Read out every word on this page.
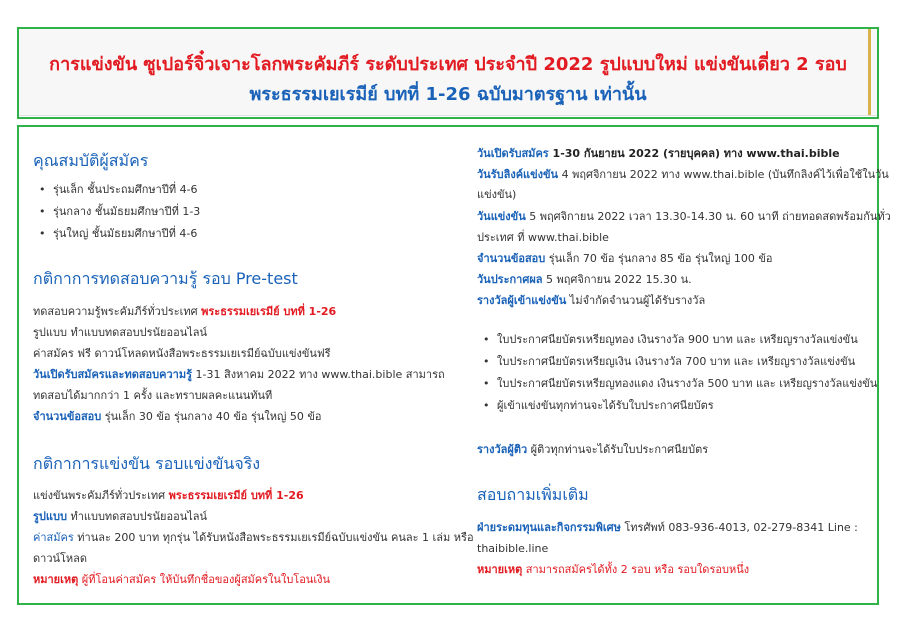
การแข่งขัน ซูเปอร์จิ๋วเจาะโลกพระคัมภีร์ ระดับประเทศ ประจำปี 2022 รูปแบบใหม่ แข่งขันเดี่ยว 2 รอบ
พระธรรมเยเรมีย์ บทที่ 1-26 ฉบับมาตรฐาน เท่านั้น
คุณสมบัติผู้สมัคร
• รุ่นเล็ก ชั้นประถมศึกษาปีที่ 4-6
• รุ่นกลาง ชั้นมัธยมศึกษาปีที่ 1-3
• รุ่นใหญ่ ชั้นมัธยมศึกษาปีที่ 4-6
กติกาการทดสอบความรู้ รอบ Pre-test
ทดสอบความรู้พระคัมภีร์ทั่วประเทศ พระธรรมเยเรมีย์ บทที่ 1-26
รูปแบบ ทำแบบทดสอบปรนัยออนไลน์
ค่าสมัคร ฟรี ดาวน์โหลดหนังสือพระธรรมเยเรมีย์ฉบับแข่งขันฟรี
วันเปิดรับสมัครและทดสอบความรู้ 1-31 สิงหาคม 2022 ทาง www.thai.bible สามารถ
ทดสอบได้มากกว่า 1 ครั้ง และทราบผลคะแนนทันที
จำนวนข้อสอบ รุ่นเล็ก 30 ข้อ รุ่นกลาง 40 ข้อ รุ่นใหญ่ 50 ข้อ
กติกาการแข่งขัน รอบแข่งขันจริง
แข่งขันพระคัมภีร์ทั่วประเทศ พระธรรมเยเรมีย์ บทที่ 1-26
รูปแบบ ทำแบบทดสอบปรนัยออนไลน์
ค่าสมัคร ท่านละ 200 บาท ทุกรุ่น ได้รับหนังสือพระธรรมเยเรมีย์ฉบับแข่งขัน คนละ 1 เล่ม หรือ
ดาวน์โหลด
หมายเหตุ ผู้ที่โอนค่าสมัคร ให้บันทึกชื่อของผู้สมัครในใบโอนเงิน
วันเปิดรับสมัคร 1-30 กันยายน 2022 (รายบุคคล) ทาง www.thai.bible
วันรับลิงค์แข่งขัน 4 พฤศจิกายน 2022 ทาง www.thai.bible (บันทึกลิงค์ไว้เพื่อใช้ในวัน
แข่งขัน)
วันแข่งขัน 5 พฤศจิกายน 2022 เวลา 13.30-14.30 น. 60 นาที ถ่ายทอดสดพร้อมกันทั่ว
ประเทศ ที่ www.thai.bible
จำนวนข้อสอบ รุ่นเล็ก 70 ข้อ รุ่นกลาง 85 ข้อ รุ่นใหญ่ 100 ข้อ
วันประกาศผล 5 พฤศจิกายน 2022 15.30 น.
รางวัลผู้เข้าแข่งขัน ไม่จำกัดจำนวนผู้ได้รับรางวัล
• ใบประกาศนียบัตรเหรียญทอง เงินรางวัล 900 บาท และ เหรียญรางวัลแข่งขัน
• ใบประกาศนียบัตรเหรียญเงิน เงินรางวัล 700 บาท และ เหรียญรางวัลแข่งขัน
• ใบประกาศนียบัตรเหรียญทองแดง เงินรางวัล 500 บาท และ เหรียญรางวัลแข่งขัน
• ผู้เข้าแข่งขันทุกท่านจะได้รับใบประกาศนียบัตร
รางวัลผู้ติว ผู้ติวทุกท่านจะได้รับใบประกาศนียบัตร
สอบถามเพิ่มเติม
ฝ่ายระดมทุนและกิจกรรมพิเศษ โทรศัพท์ 083-936-4013, 02-279-8341 Line :
thaibible.line
หมายเหตุ สามารถสมัครได้ทั้ง 2 รอบ หรือ รอบใดรอบหนึ่ง
